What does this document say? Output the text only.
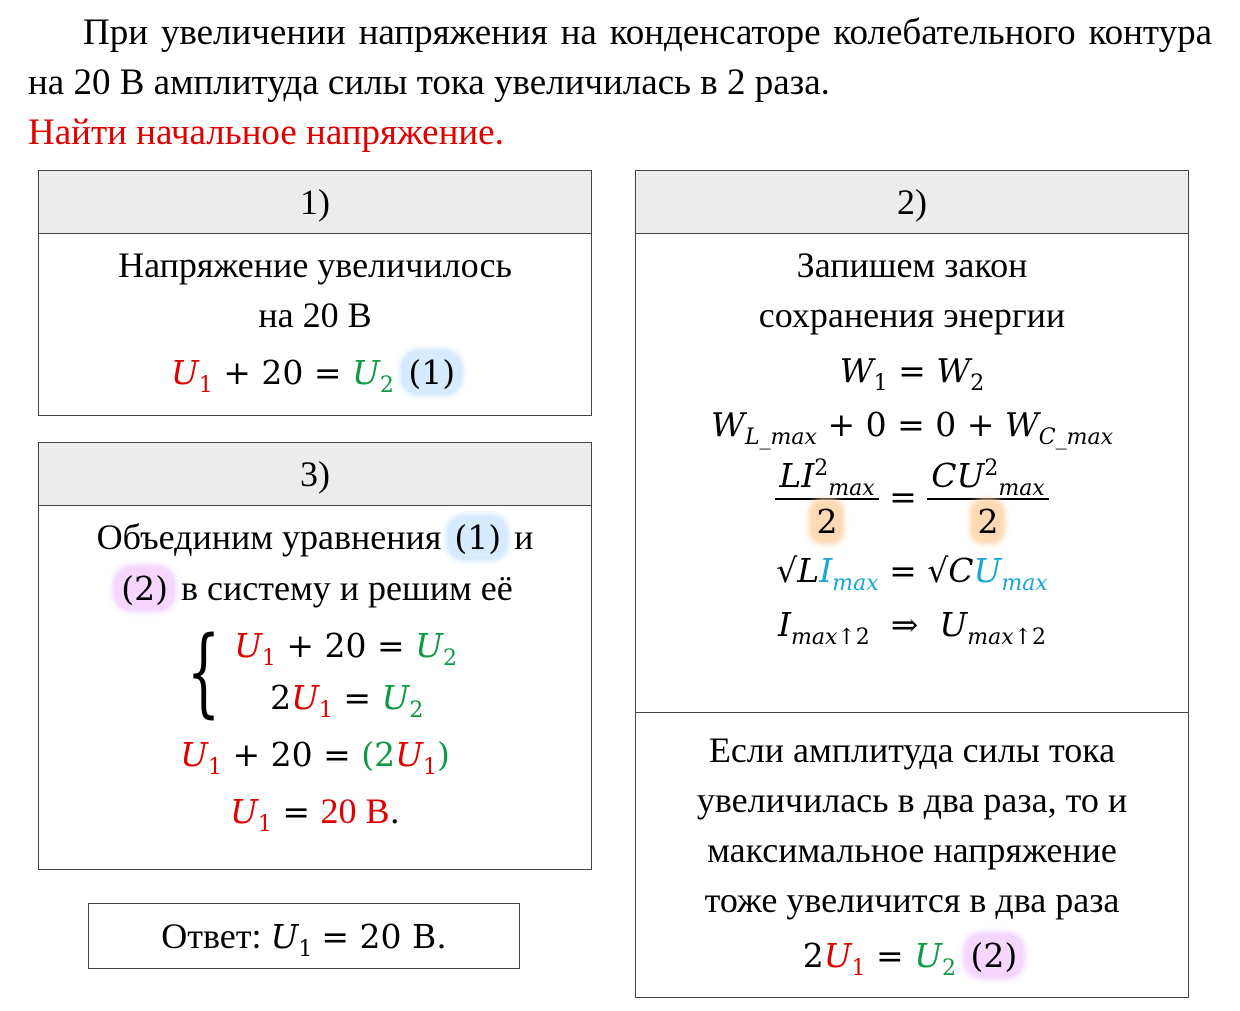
При увеличении напряжения на конденсаторе колебательного контура на 20 В амплитуда силы тока увеличилась в 2 раза.
Найти начальное напряжение.
1)
Напряжение увеличилось
на 20 В
$U_1 + 20 = U_2$ (1)
3)
Объединим уравнения (1) и
(2) в систему и решим её
{ $U_1 + 20 = U_2$
$2U_1 = U_2$
$U_1 + 20 = (2U_1)$
$U_1 = 20$ В.
2)
Запишем закон
сохранения энергии
$W_1 = W_2$
$W_{L\_max} + 0 = 0 + W_{C\_max}$
$\frac{LI^2_{max}}{2} = \frac{CU^2_{max}}{2}$
$√LI_{max} = √CU_{max}$
$I_{max↑2}$  ⇒  $U_{max↑2}$
Если амплитуда силы тока
увеличилась в два раза, то и
максимальное напряжение
тоже увеличится в два раза
$2U_1 = U_2$ (2)
Ответ: $U_1 = 20$ В.
